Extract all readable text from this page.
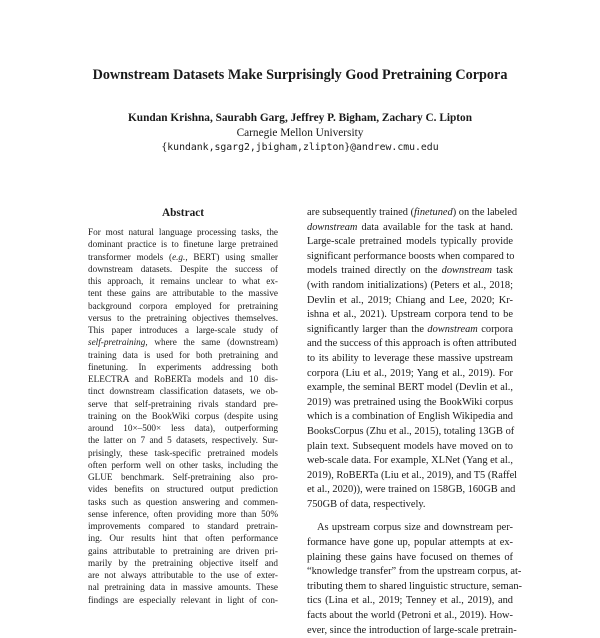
Downstream Datasets Make Surprisingly Good Pretraining Corpora
Kundan Krishna, Saurabh Garg, Jeffrey P. Bigham, Zachary C. Lipton
Carnegie Mellon University
{kundank,sgarg2,jbigham,zlipton}@andrew.cmu.edu
Abstract
For most natural language processing tasks, the
dominant practice is to finetune large pretrained
transformer models (e.g., BERT) using smaller
downstream datasets. Despite the success of
this approach, it remains unclear to what ex-
tent these gains are attributable to the massive
background corpora employed for pretraining
versus to the pretraining objectives themselves.
This paper introduces a large-scale study of
self-pretraining, where the same (downstream)
training data is used for both pretraining and
finetuning. In experiments addressing both
ELECTRA and RoBERTa models and 10 dis-
tinct downstream classification datasets, we ob-
serve that self-pretraining rivals standard pre-
training on the BookWiki corpus (despite using
around 10×–500× less data), outperforming
the latter on 7 and 5 datasets, respectively. Sur-
prisingly, these task-specific pretrained models
often perform well on other tasks, including the
GLUE benchmark. Self-pretraining also pro-
vides benefits on structured output prediction
tasks such as question answering and commen-
sense inference, often providing more than 50%
improvements compared to standard pretrain-
ing. Our results hint that often performance
gains attributable to pretraining are driven pri-
marily by the pretraining objective itself and
are not always attributable to the use of exter-
nal pretraining data in massive amounts. These
findings are especially relevant in light of con-
are subsequently trained (finetuned) on the labeled
downstream data available for the task at hand.
Large-scale pretrained models typically provide
significant performance boosts when compared to
models trained directly on the downstream task
(with random initializations) (Peters et al., 2018;
Devlin et al., 2019; Chiang and Lee, 2020; Kr-
ishna et al., 2021). Upstream corpora tend to be
significantly larger than the downstream corpora
and the success of this approach is often attributed
to its ability to leverage these massive upstream
corpora (Liu et al., 2019; Yang et al., 2019). For
example, the seminal BERT model (Devlin et al.,
2019) was pretrained using the BookWiki corpus
which is a combination of English Wikipedia and
BooksCorpus (Zhu et al., 2015), totaling 13GB of
plain text. Subsequent models have moved on to
web-scale data. For example, XLNet (Yang et al.,
2019), RoBERTa (Liu et al., 2019), and T5 (Raffel
et al., 2020)), were trained on 158GB, 160GB and
750GB of data, respectively.
As upstream corpus size and downstream per-
formance have gone up, popular attempts at ex-
plaining these gains have focused on themes of
“knowledge transfer” from the upstream corpus, at-
tributing them to shared linguistic structure, seman-
tics (Lina et al., 2019; Tenney et al., 2019), and
facts about the world (Petroni et al., 2019). How-
ever, since the introduction of large-scale pretrain-
